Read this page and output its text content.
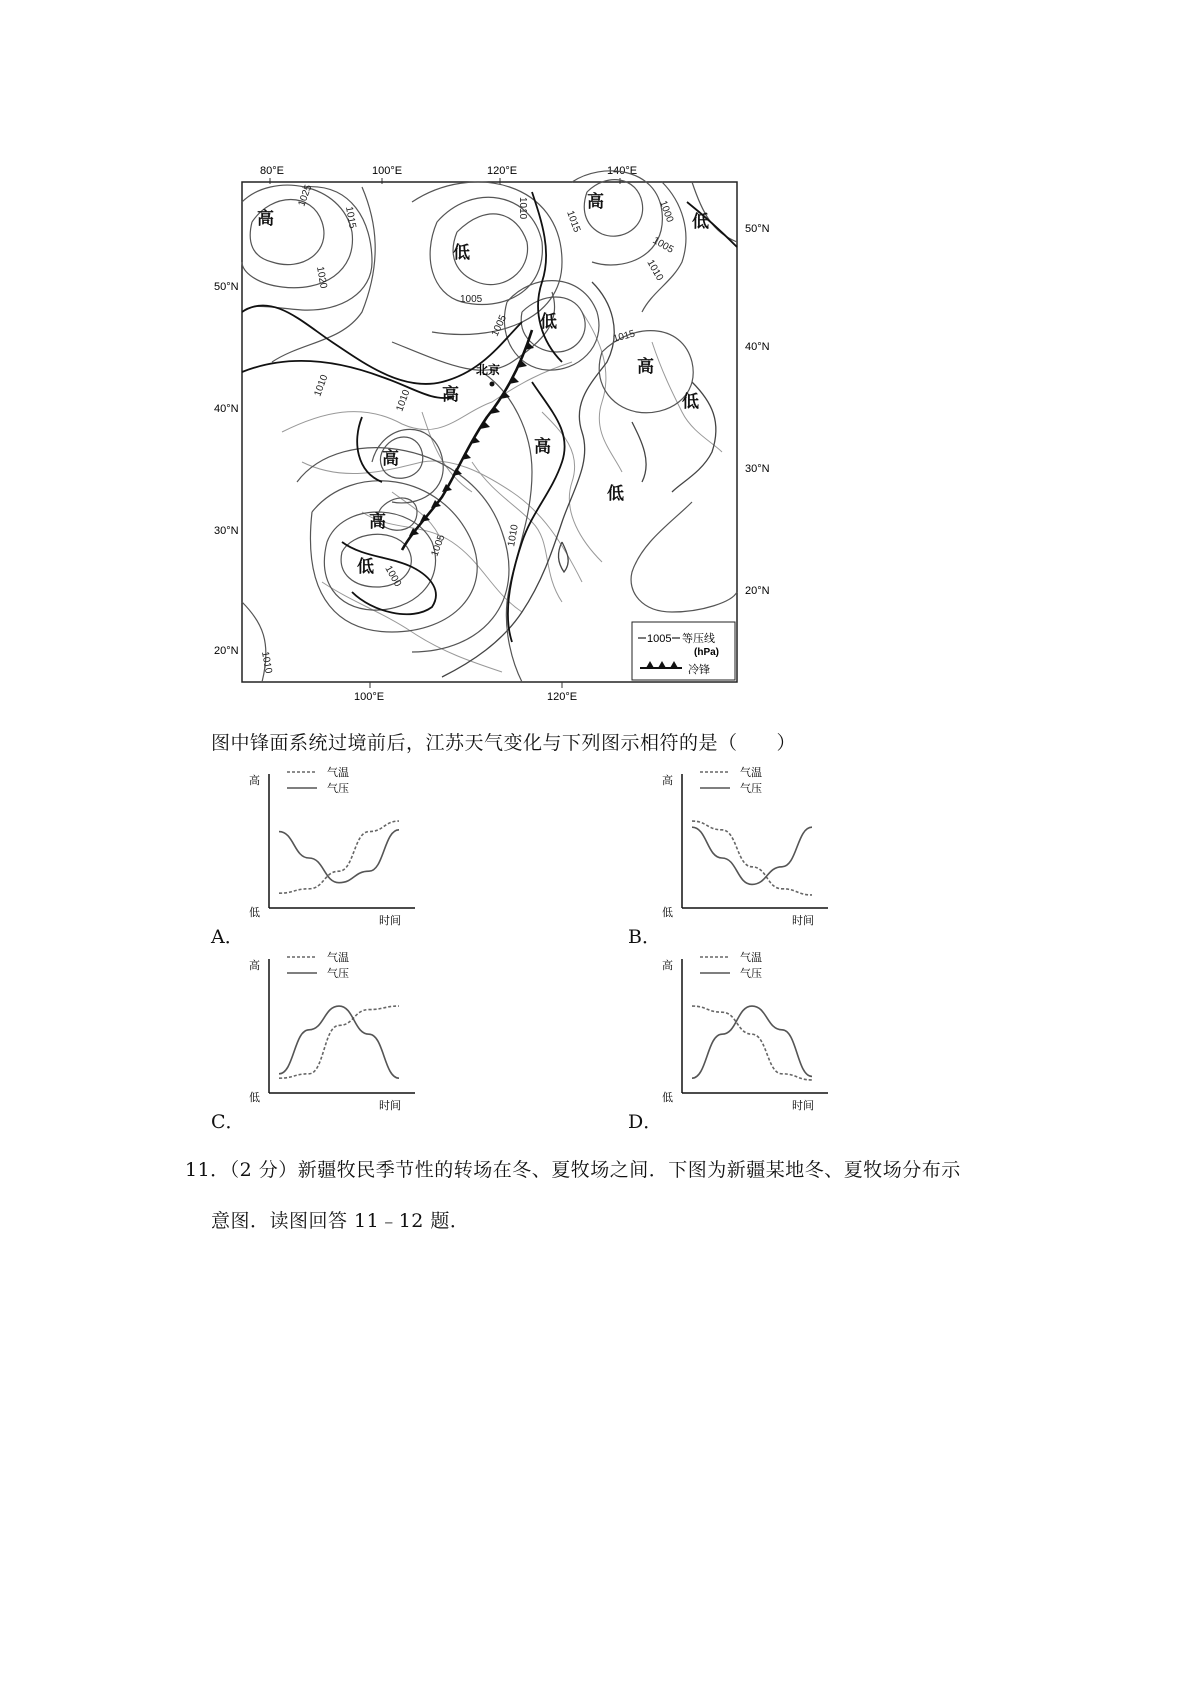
80°E	100°E	120°E	140°E
50°N
40°N
30°N
20°N
50°N
40°N
30°N
20°N
1025
1015
1020
1010
1015	1000
1005
1010
1005
1005	1015
1010
1010
1000
1005	1010
1010
高
低
低
高
低
高
低
高
高
高
低
高
低
北京
1005 等压线
(hPa)
冷锋
100°E	120°E
图中锋面系统过境前后，江苏天气变化与下列图示相符的是（　　）
高
低
时间
气温
气压
高
低
时间
气温
气压
高
低
时间
气温
气压
高
低
时间
气温
气压
A．	B．
C．	D．
11．（2 分）新疆牧民季节性的转场在冬、夏牧场之间．下图为新疆某地冬、夏牧场分布示
意图．读图回答 11﹣12 题．
